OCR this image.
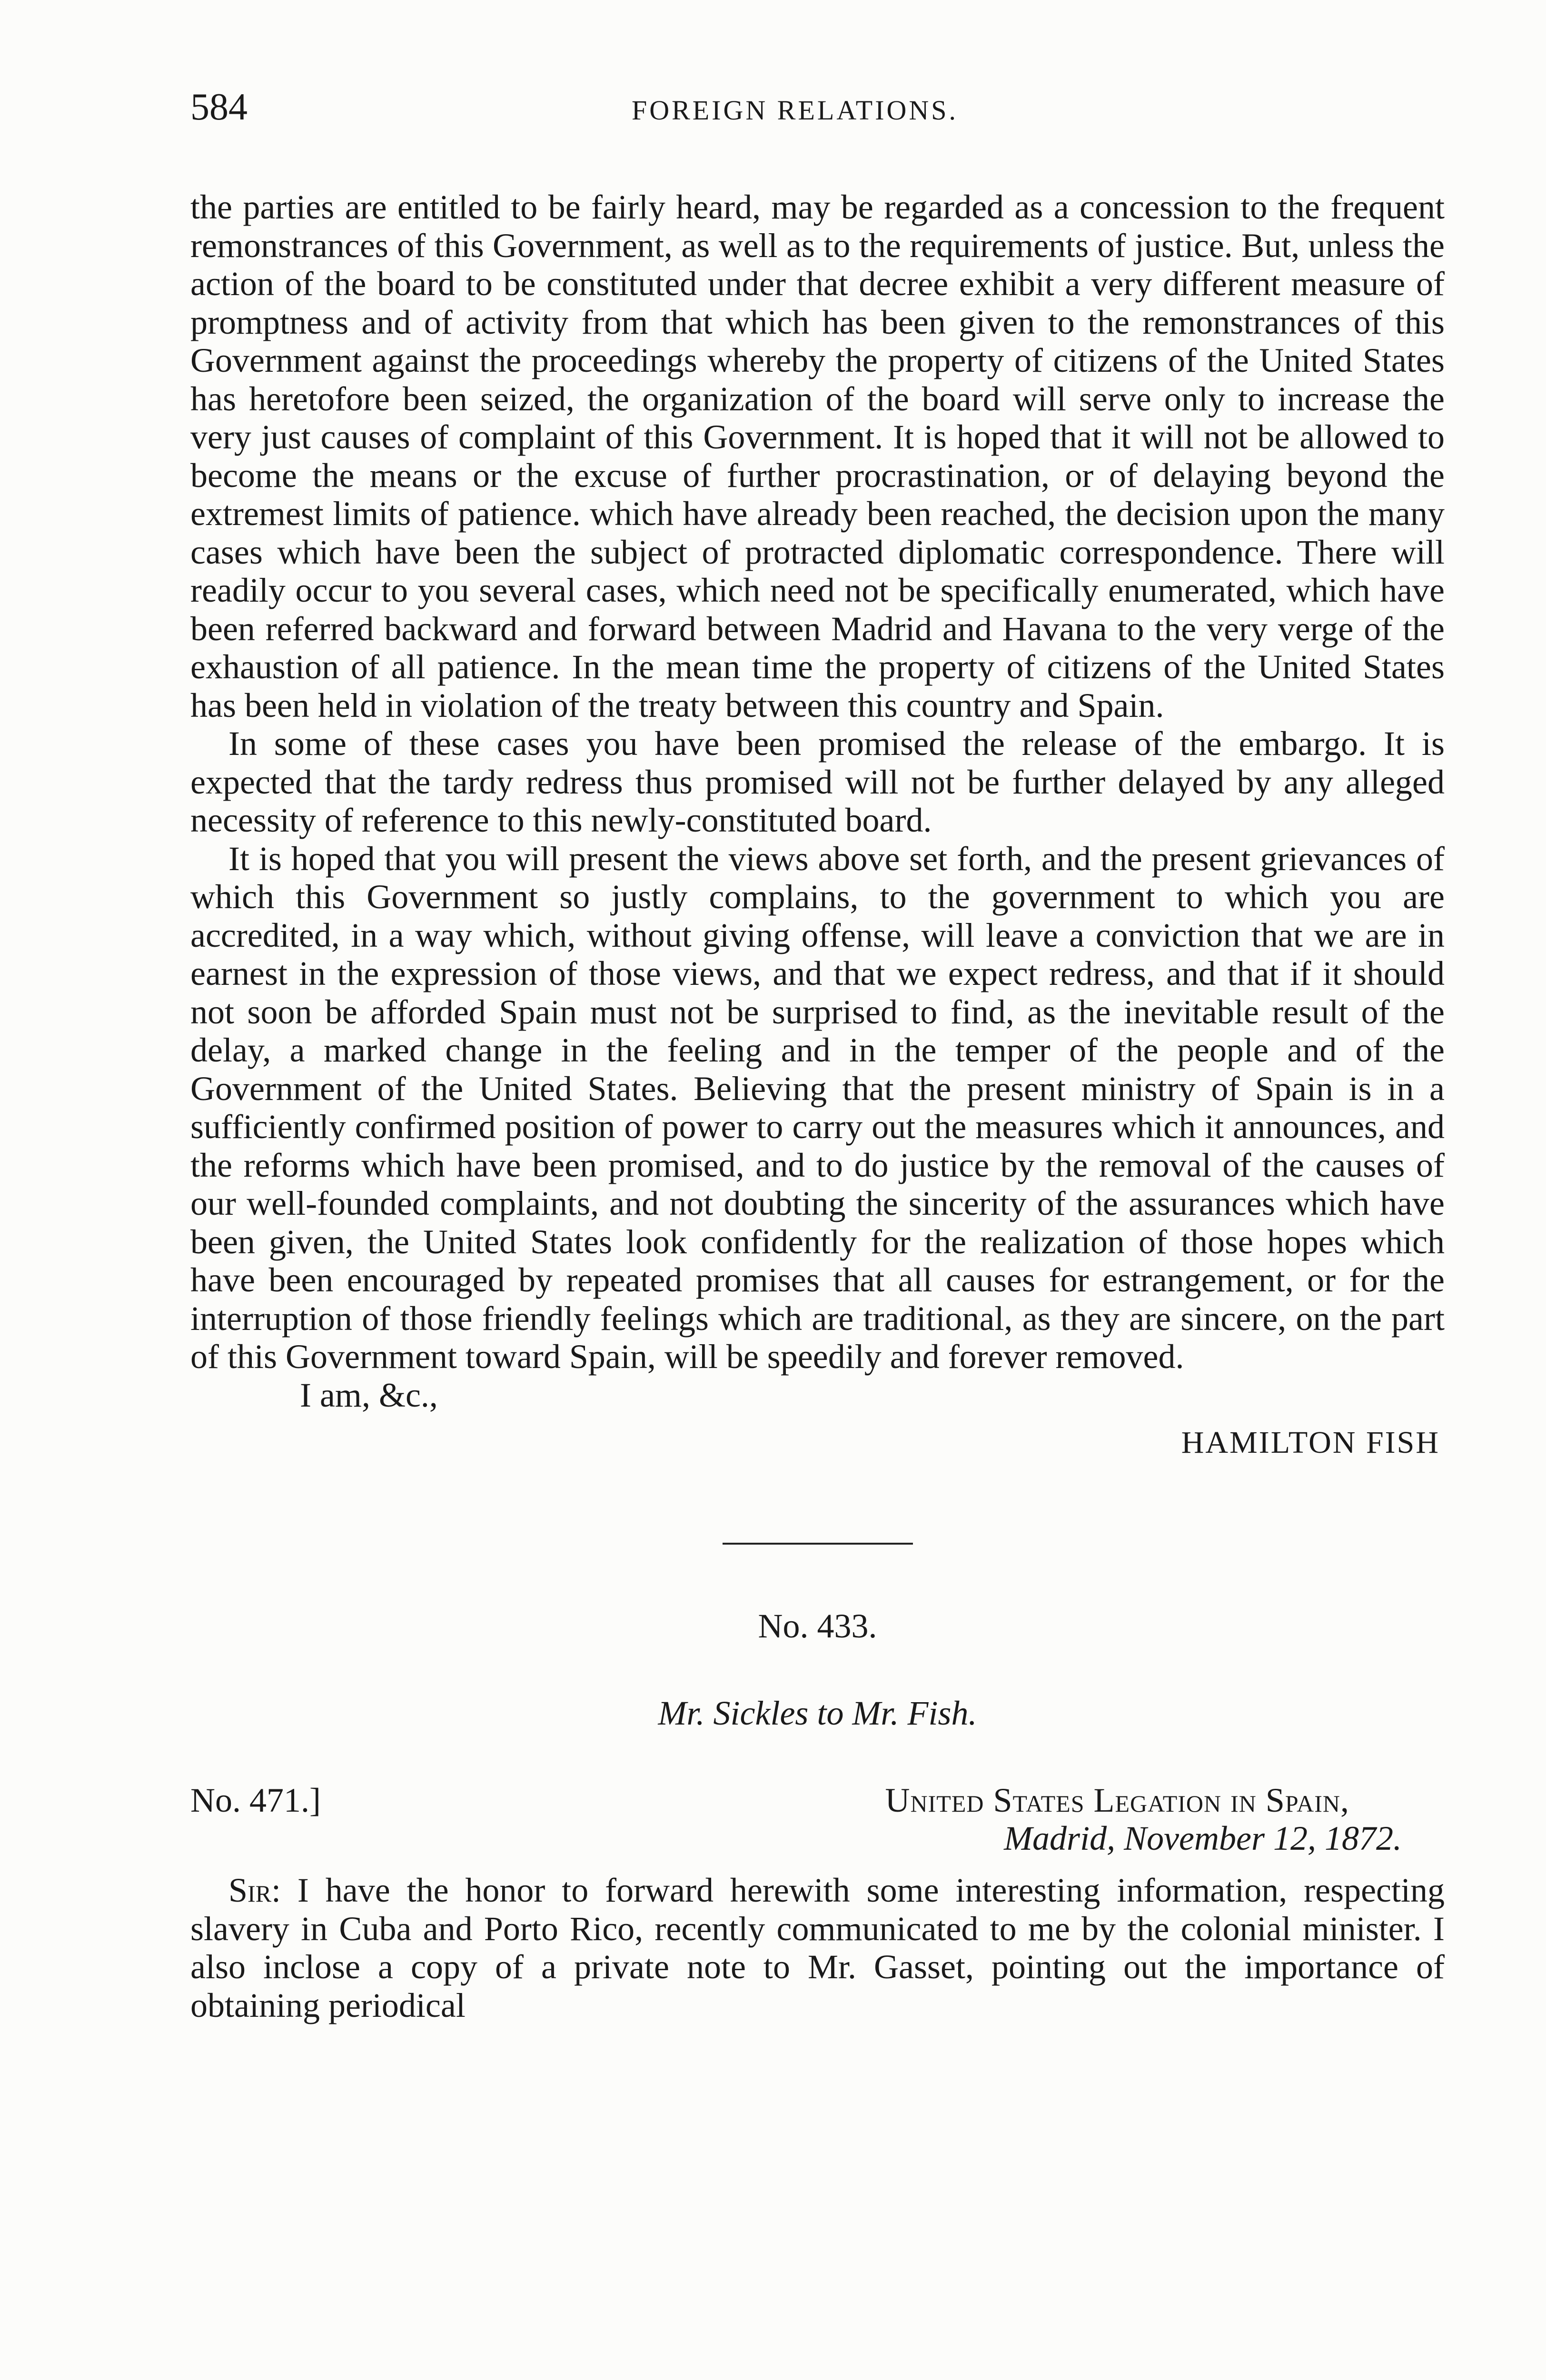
584	FOREIGN RELATIONS.

the parties are entitled to be fairly heard, may be regarded as a concession to the frequent remonstrances of this Government, as well as to the requirements of justice. But, unless the action of the board to be constituted under that decree exhibit a very different measure of promptness and of activity from that which has been given to the remonstrances of this Government against the proceedings whereby the property of citizens of the United States has heretofore been seized, the organization of the board will serve only to increase the very just causes of complaint of this Government. It is hoped that it will not be allowed to become the means or the excuse of further procrastination, or of delaying beyond the extremest limits of patience. which have already been reached, the decision upon the many cases which have been the subject of protracted diplomatic correspondence. There will readily occur to you several cases, which need not be specifically enumerated, which have been referred backward and forward between Madrid and Havana to the very verge of the exhaustion of all patience. In the mean time the property of citizens of the United States has been held in violation of the treaty between this country and Spain.

In some of these cases you have been promised the release of the embargo. It is expected that the tardy redress thus promised will not be further delayed by any alleged necessity of reference to this newly-constituted board.

It is hoped that you will present the views above set forth, and the present grievances of which this Government so justly complains, to the government to which you are accredited, in a way which, without giving offense, will leave a conviction that we are in earnest in the expression of those views, and that we expect redress, and that if it should not soon be afforded Spain must not be surprised to find, as the inevitable result of the delay, a marked change in the feeling and in the temper of the people and of the Government of the United States. Believing that the present ministry of Spain is in a sufficiently confirmed position of power to carry out the measures which it announces, and the reforms which have been promised, and to do justice by the removal of the causes of our well-founded complaints, and not doubting the sincerity of the assurances which have been given, the United States look confidently for the realization of those hopes which have been encouraged by repeated promises that all causes for estrangement, or for the interruption of those friendly feelings which are traditional, as they are sincere, on the part of this Government toward Spain, will be speedily and forever removed.

I am, &c.,

HAMILTON FISH

No. 433.

Mr. Sickles to Mr. Fish.

No. 471.]	United States Legation in Spain,
Madrid, November 12, 1872.

Sir: I have the honor to forward herewith some interesting information, respecting slavery in Cuba and Porto Rico, recently communicated to me by the colonial minister. I also inclose a copy of a private note to Mr. Gasset, pointing out the importance of obtaining periodical
